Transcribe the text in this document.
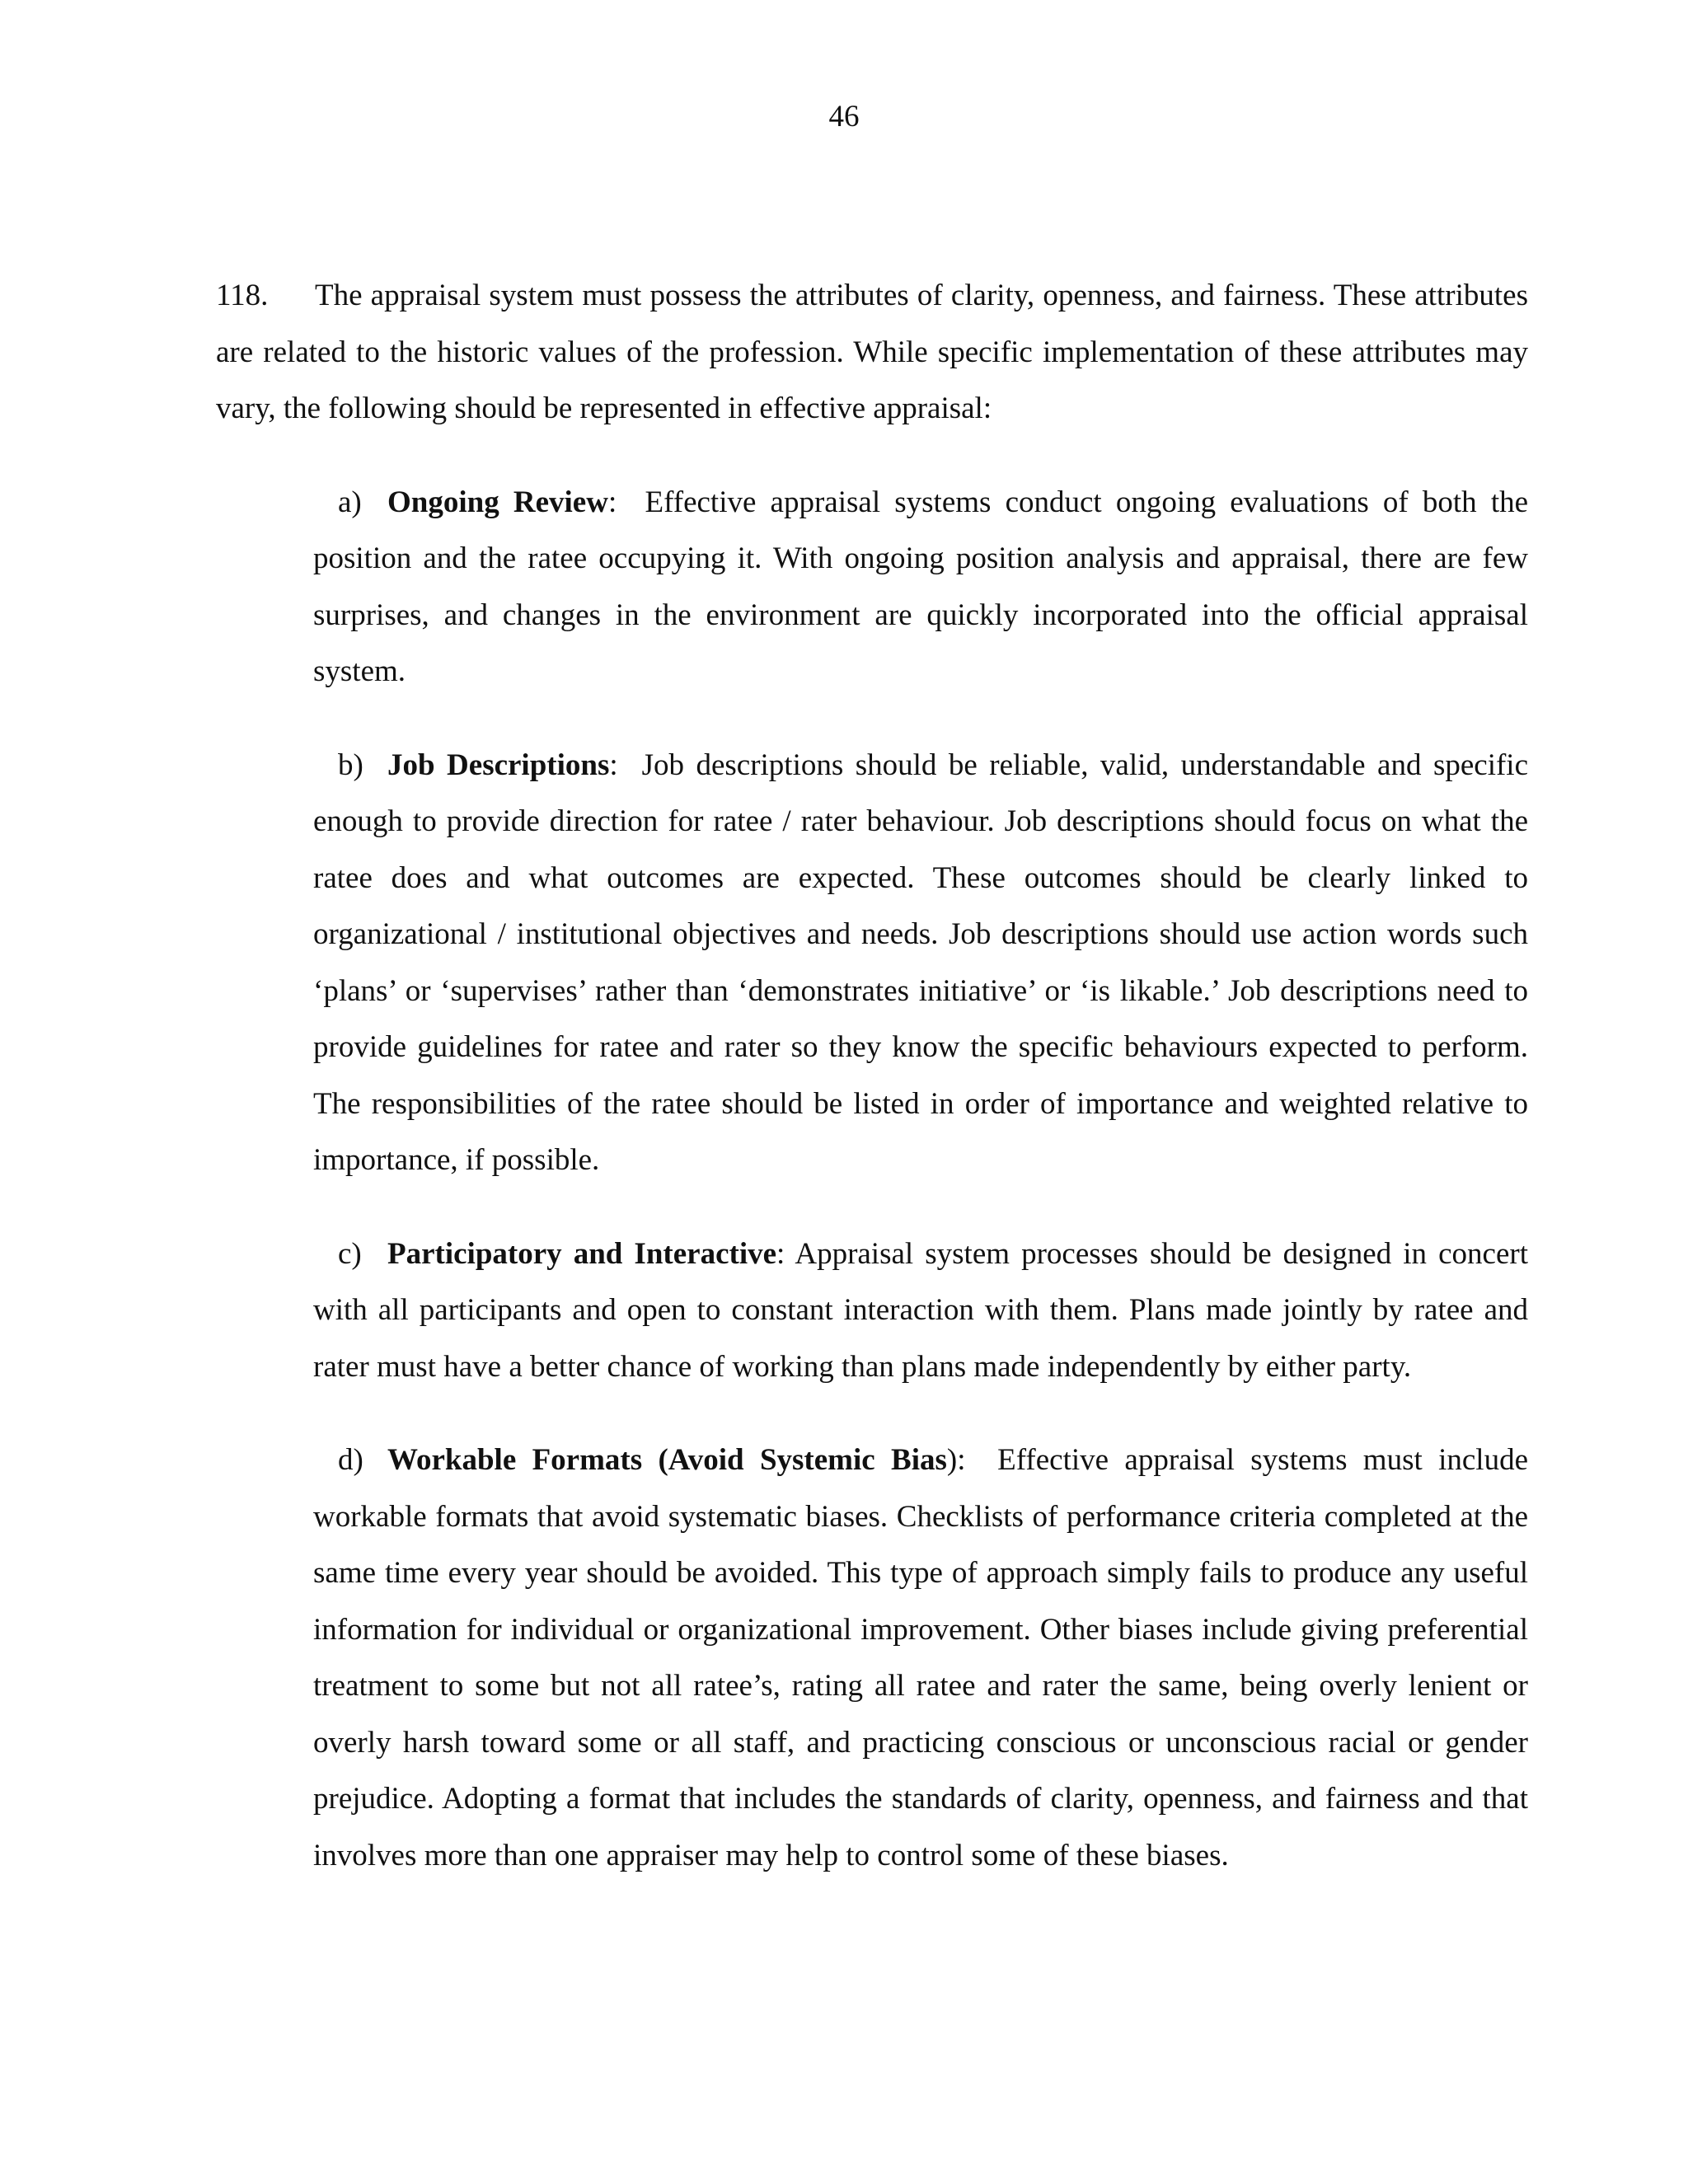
46

118. The appraisal system must possess the attributes of clarity, openness, and fairness. These attributes are related to the historic values of the profession. While specific implementation of these attributes may vary, the following should be represented in effective appraisal:

a) Ongoing Review:  Effective appraisal systems conduct ongoing evaluations of both the position and the ratee occupying it. With ongoing position analysis and appraisal, there are few surprises, and changes in the environment are quickly incorporated into the official appraisal system.

b) Job Descriptions:  Job descriptions should be reliable, valid, understandable and specific enough to provide direction for ratee / rater behaviour. Job descriptions should focus on what the ratee does and what outcomes are expected. These outcomes should be clearly linked to organizational / institutional objectives and needs. Job descriptions should use action words such ‘plans’ or ‘supervises’ rather than ‘demonstrates initiative’ or ‘is likable.’ Job descriptions need to provide guidelines for ratee and rater so they know the specific behaviours expected to perform. The responsibilities of the ratee should be listed in order of importance and weighted relative to importance, if possible.

c) Participatory and Interactive: Appraisal system processes should be designed in concert with all participants and open to constant interaction with them. Plans made jointly by ratee and rater must have a better chance of working than plans made independently by either party.

d) Workable Formats (Avoid Systemic Bias):  Effective appraisal systems must include workable formats that avoid systematic biases. Checklists of performance criteria completed at the same time every year should be avoided. This type of approach simply fails to produce any useful information for individual or organizational improvement. Other biases include giving preferential treatment to some but not all ratee’s, rating all ratee and rater the same, being overly lenient or overly harsh toward some or all staff, and practicing conscious or unconscious racial or gender prejudice. Adopting a format that includes the standards of clarity, openness, and fairness and that involves more than one appraiser may help to control some of these biases.
